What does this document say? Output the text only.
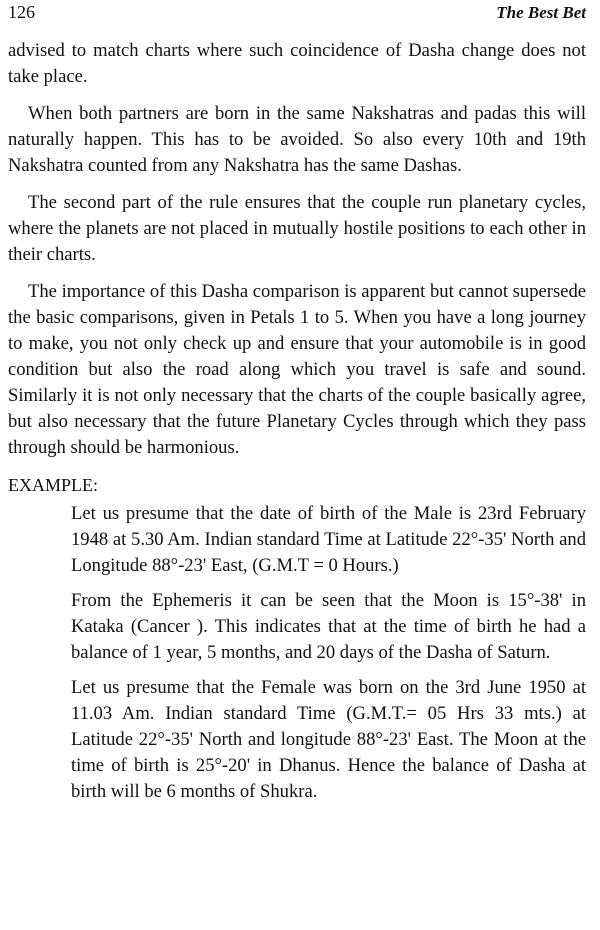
126	The Best Bet

advised to match charts where such coincidence of Dasha change does not take place.

When both partners are born in the same Nakshatras and padas this will naturally happen. This has to be avoided. So also every 10th and 19th Nakshatra counted from any Nakshatra has the same Dashas.

The second part of the rule ensures that the couple run planetary cycles, where the planets are not placed in mutually hostile positions to each other in their charts.

The importance of this Dasha comparison is apparent but cannot supersede the basic comparisons, given in Petals 1 to 5. When you have a long journey to make, you not only check up and ensure that your automobile is in good condition but also the road along which you travel is safe and sound. Similarly it is not only necessary that the charts of the couple basically agree, but also necessary that the future Planetary Cycles through which they pass through should be harmonious.

EXAMPLE:

Let us presume that the date of birth of the Male is 23rd February 1948 at 5.30 Am. Indian standard Time at Latitude 22°-35' North and Longitude 88°-23' East, (G.M.T = 0 Hours.)

From the Ephemeris it can be seen that the Moon is 15°-38' in Kataka (Cancer ). This indicates that at the time of birth he had a balance of 1 year, 5 months, and 20 days of the Dasha of Saturn.

Let us presume that the Female was born on the 3rd June 1950 at 11.03 Am. Indian standard Time (G.M.T.= 05 Hrs 33 mts.) at Latitude 22°-35' North and longitude 88°-23' East. The Moon at the time of birth is 25°-20' in Dhanus. Hence the balance of Dasha at birth will be 6 months of Shukra.
